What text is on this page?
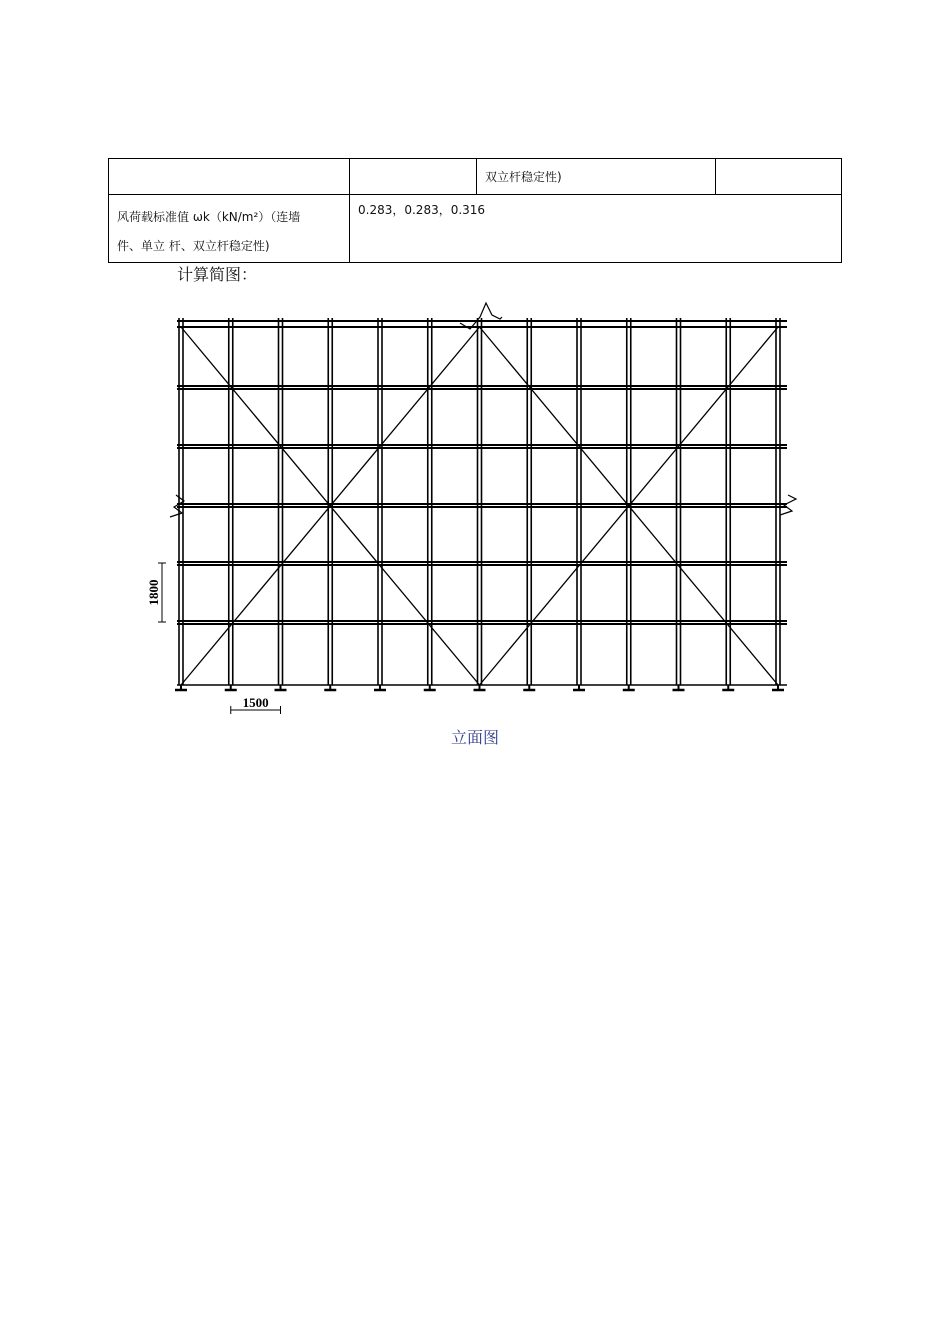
双立杆稳定性)
风荷载标准值 ωk（kN/m²）（连墙
件、单立 杆、双立杆稳定性)
0.283，0.283，0.316
计算简图：
1800
1500
立面图
